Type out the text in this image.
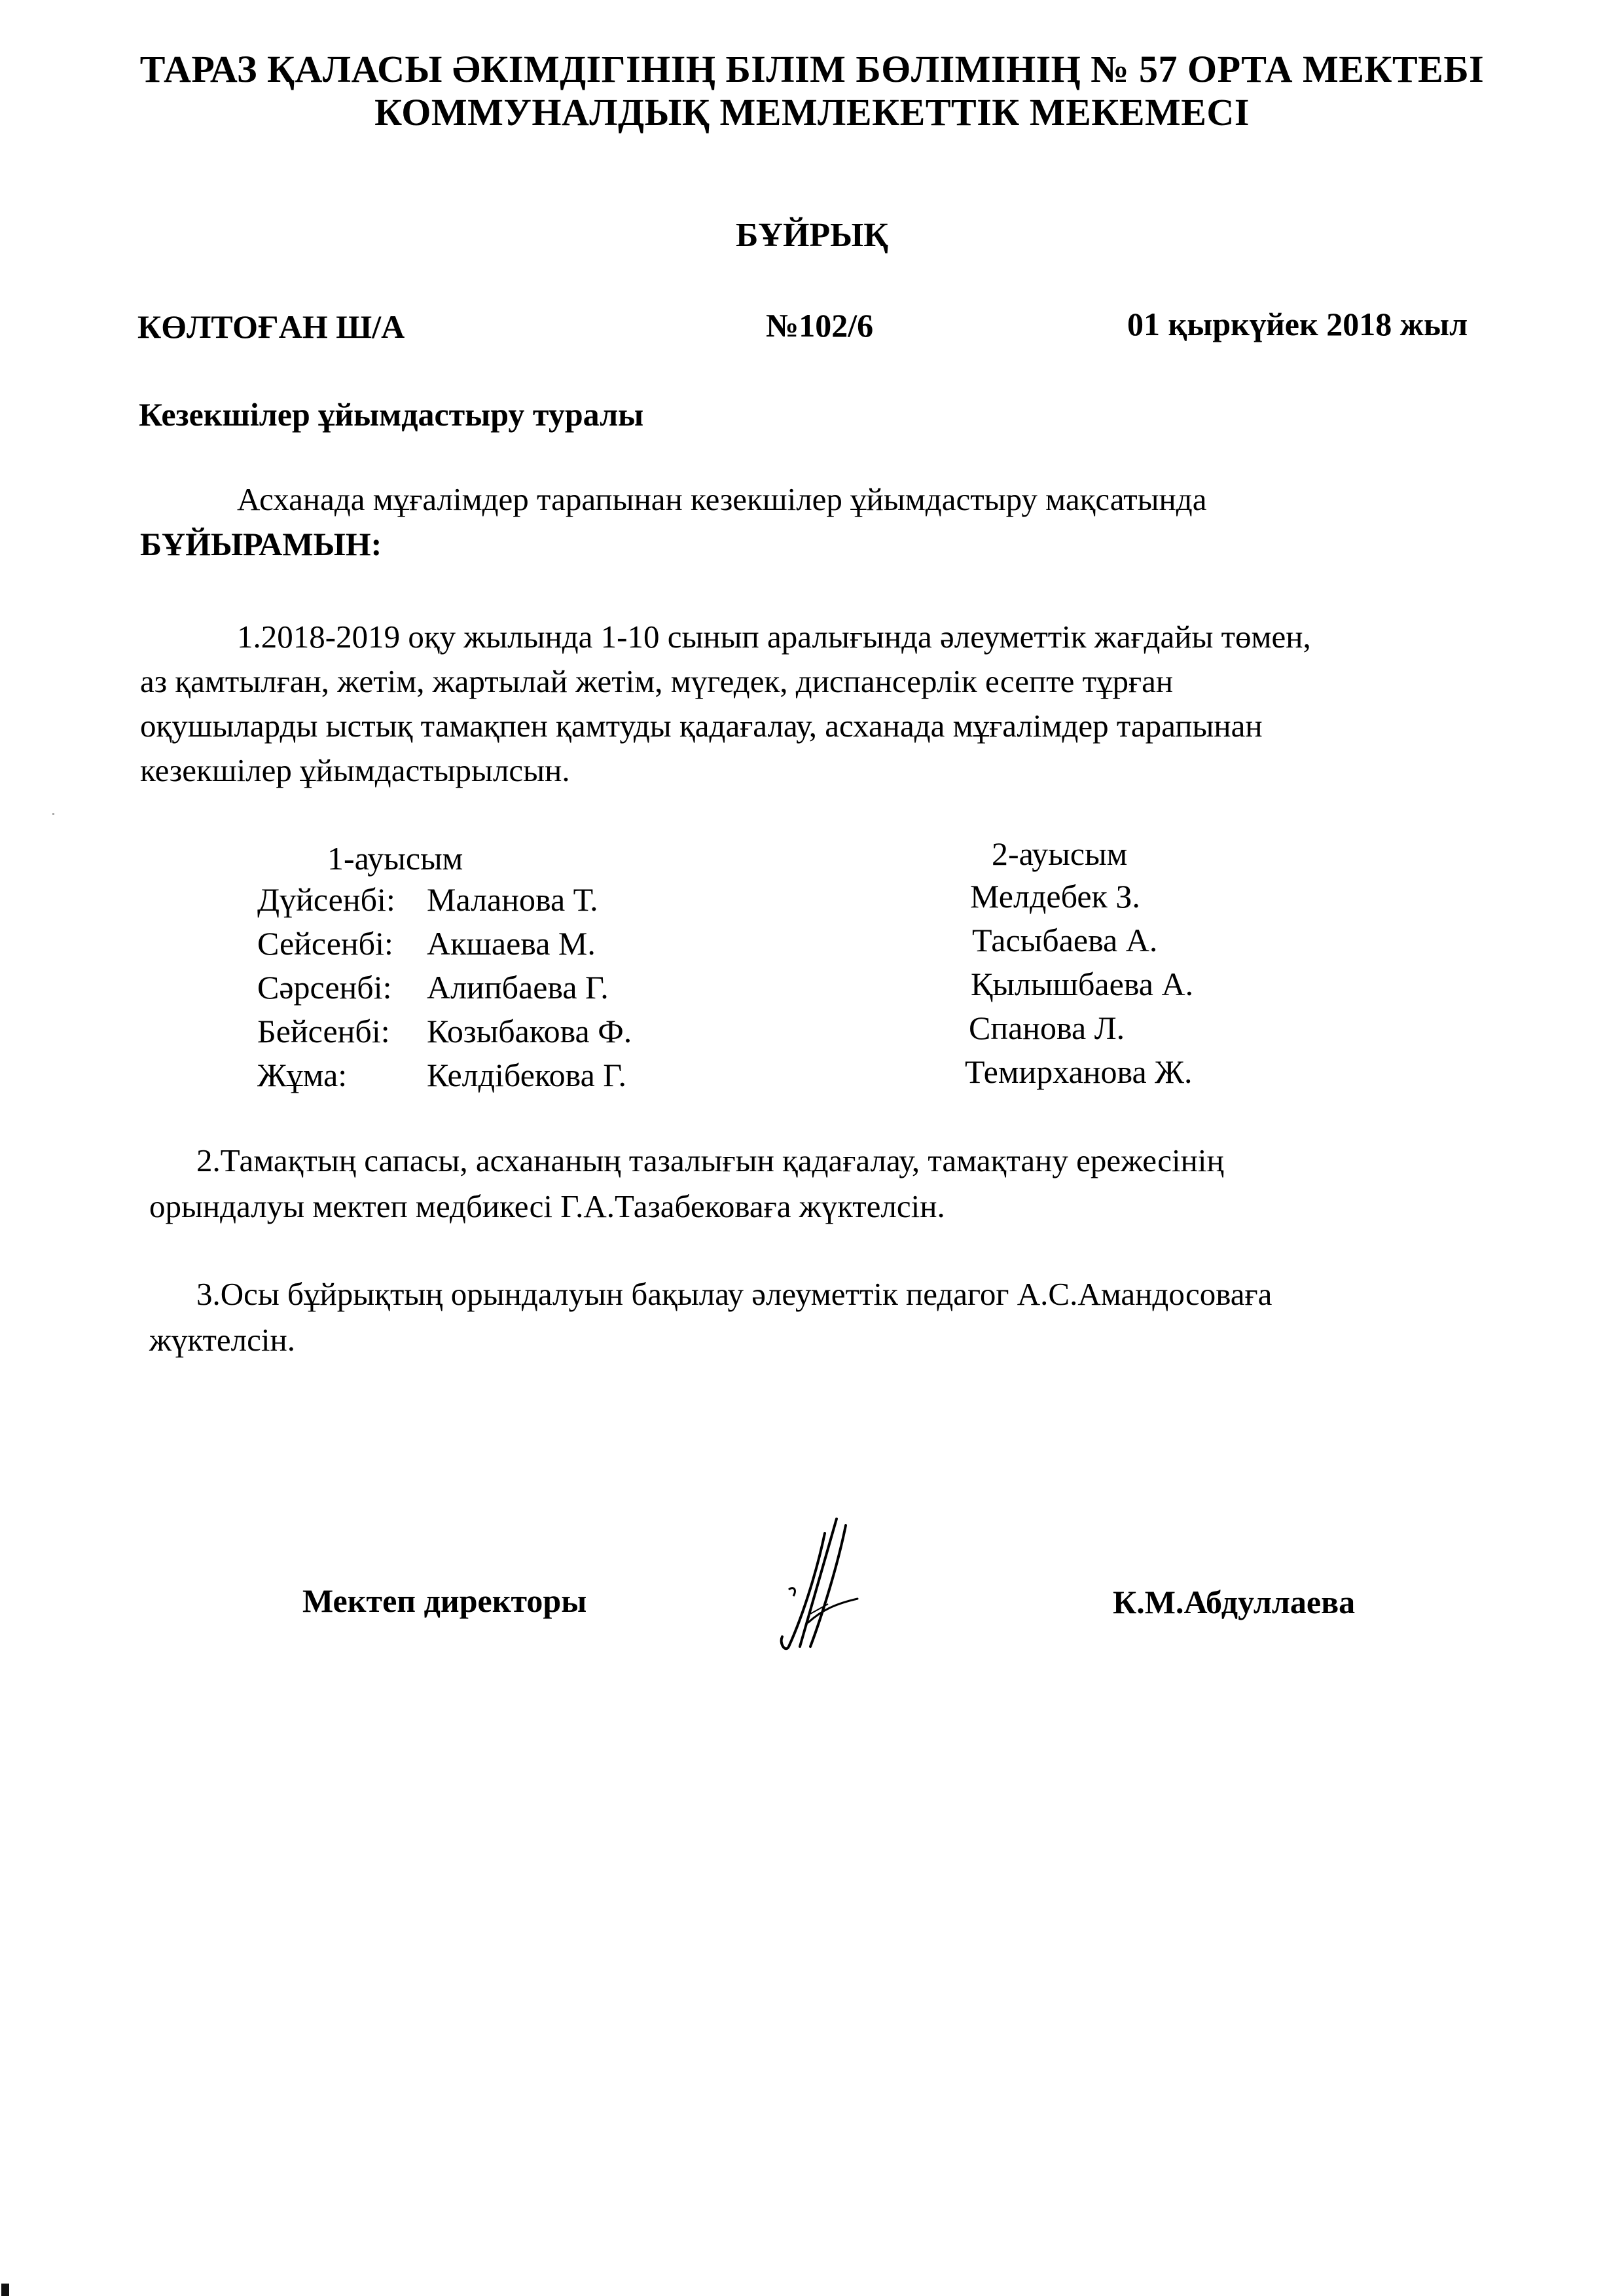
ТАРАЗ ҚАЛАСЫ ӘКІМДІГІНІҢ БІЛІМ БӨЛІМІНІҢ № 57 ОРТА МЕКТЕБІ
КОММУНАЛДЫҚ МЕМЛЕКЕТТІК МЕКЕМЕСІ
БҰЙРЫҚ
КӨЛТОҒАН Ш/А	№102/6	01 қыркүйек 2018 жыл
Кезекшілер ұйымдастыру туралы
Асханада мұғалімдер тарапынан кезекшілер ұйымдастыру мақсатында
БҰЙЫРАМЫН:
1.2018-2019 оқу жылында 1-10 сынып аралығында әлеуметтік жағдайы төмен,
аз қамтылған, жетім, жартылай жетім, мүгедек, диспансерлік есепте тұрған
оқушыларды ыстық тамақпен қамтуды қадағалау, асханада мұғалімдер тарапынан
кезекшілер ұйымдастырылсын.
1-ауысым	2-ауысым
Дүйсенбі: Маланова Т.	Мелдебек З.
Сейсенбі: Акшаева М.	Тасыбаева А.
Сәрсенбі: Алипбаева Г.	Қылышбаева А.
Бейсенбі: Козыбакова Ф.	Спанова Л.
Жұма: Келдібекова Г.	Темирханова Ж.
2.Тамақтың сапасы, асхананың тазалығын қадағалау, тамақтану ережесінің
орындалуы мектеп медбикесі Г.А.Тазабековаға жүктелсін.
3.Осы бұйрықтың орындалуын бақылау әлеуметтік педагог А.С.Амандосоваға
жүктелсін.
Мектеп директоры	К.М.Абдуллаева
